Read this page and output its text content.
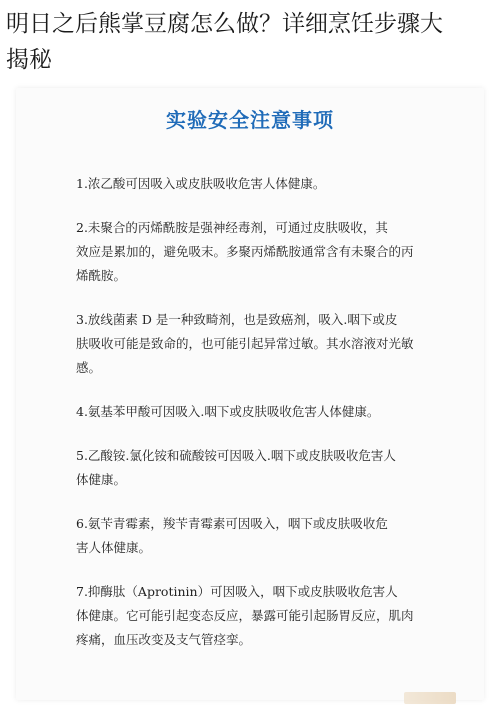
明日之后熊掌豆腐怎么做？详细烹饪步骤大
揭秘
实验安全注意事项

1.浓乙酸可因吸入或皮肤吸收危害人体健康。

2.未聚合的丙烯酰胺是强神经毒剂，可通过皮肤吸收，其

效应是累加的，避免吸末。多聚丙烯酰胺通常含有未聚合的丙

烯酰胺。

3.放线菌素 D 是一种致畸剂，也是致癌剂，吸入.咽下或皮

肤吸收可能是致命的，也可能引起异常过敏。其水溶液对光敏

感。

4.氨基苯甲酸可因吸入.咽下或皮肤吸收危害人体健康。

5.乙酸铵.氯化铵和硫酸铵可因吸入.咽下或皮肤吸收危害人

体健康。

6.氨苄青霉素，羧苄青霉素可因吸入，咽下或皮肤吸收危

害人体健康。

7.抑酶肽（Aprotinin）可因吸入，咽下或皮肤吸收危害人

体健康。它可能引起变态反应，暴露可能引起肠胃反应，肌肉

疼痛，血压改变及支气管痉挛。
